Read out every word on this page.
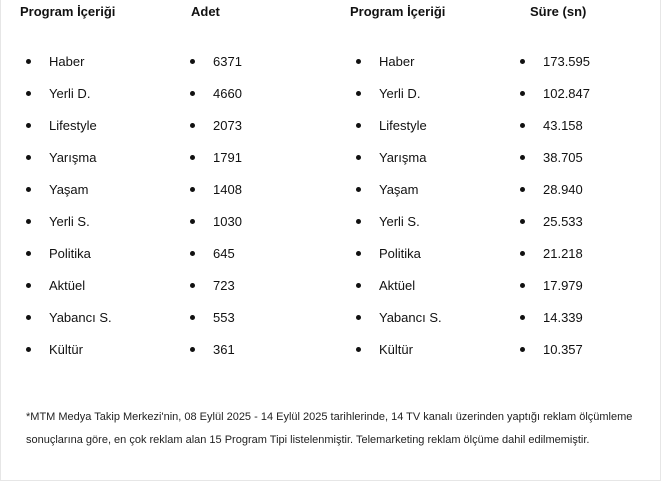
Program İçeriği	Adet	Program İçeriği	Süre (sn)
Haber	6371	Haber	173.595
Yerli D.	4660	Yerli D.	102.847
Lifestyle	2073	Lifestyle	43.158
Yarışma	1791	Yarışma	38.705
Yaşam	1408	Yaşam	28.940
Yerli S.	1030	Yerli S.	25.533
Politika	645	Politika	21.218
Aktüel	723	Aktüel	17.979
Yabancı S.	553	Yabancı S.	14.339
Kültür	361	Kültür	10.357
*MTM Medya Takip Merkezi'nin, 08 Eylül 2025 - 14 Eylül 2025 tarihlerinde, 14 TV kanalı üzerinden yaptığı reklam ölçümleme sonuçlarına göre, en çok reklam alan 15 Program Tipi listelenmiştir. Telemarketing reklam ölçüme dahil edilmemiştir.
